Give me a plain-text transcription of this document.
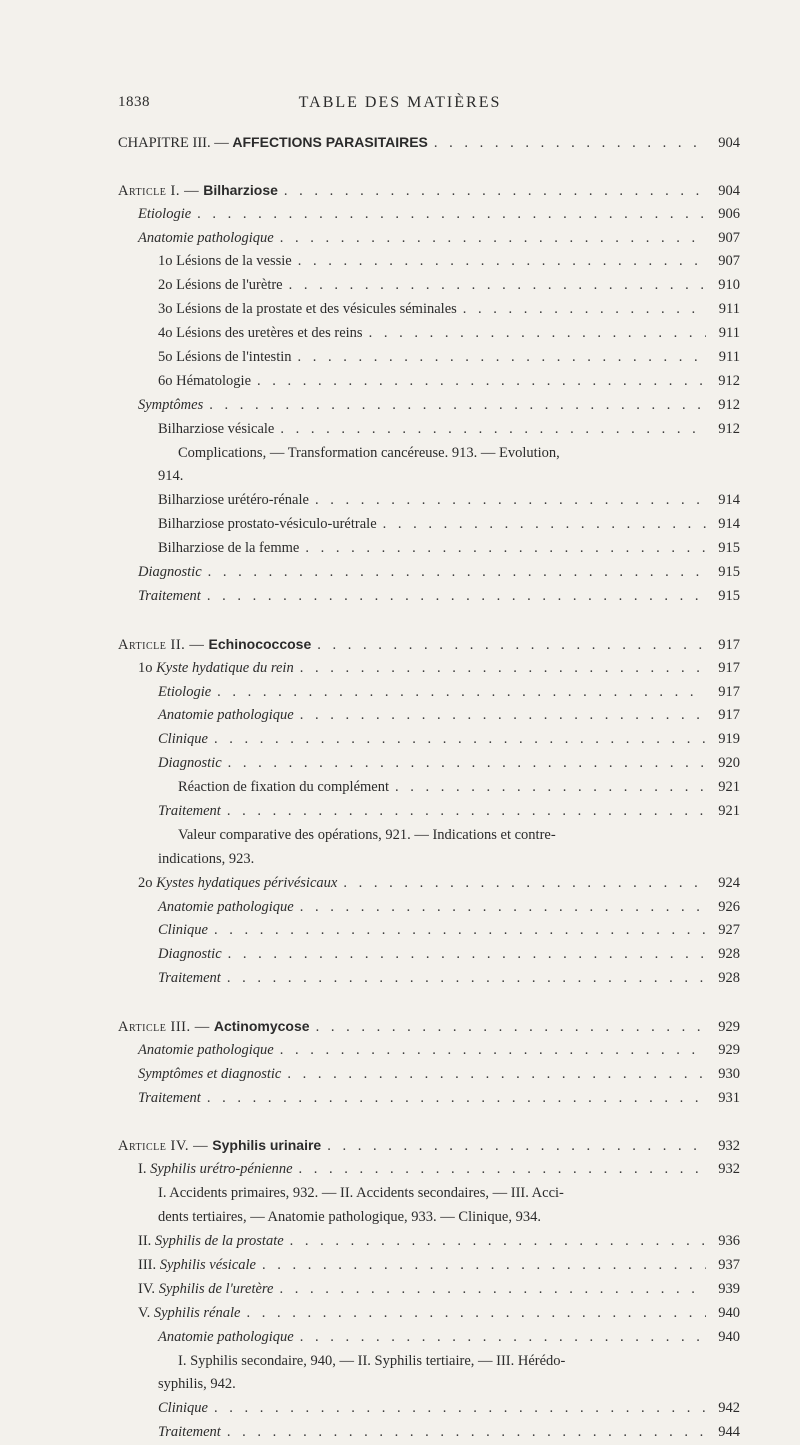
1838	TABLE DES MATIÈRES
CHAPITRE III. — AFFECTIONS PARASITAIRES . . .	904
Article I. — Bilharziose . . .	904
Etiologie . . .	906
Anatomie pathologique . . .	907
1o Lésions de la vessie . . .	907
2o Lésions de l'urètre . . .	910
3o Lésions de la prostate et des vésicules séminales . . .	911
4o Lésions des uretères et des reins . . .	911
5o Lésions de l'intestin . . .	911
6o Hématologie . . .	912
Symptômes . . .	912
Bilharziose vésicale . . .	912
Complications, — Transformation cancéreuse. 913. — Evolution,
914.
Bilharziose urétéro-rénale . . .	914
Bilharziose prostato-vésiculo-urétrale . . .	914
Bilharziose de la femme . . .	915
Diagnostic . . .	915
Traitement . . .	915
Article II. — Echinococcose . . .	917
1o Kyste hydatique du rein . . .	917
Etiologie . . .	917
Anatomie pathologique . . .	917
Clinique . . .	919
Diagnostic . . .	920
Réaction de fixation du complément . . .	921
Traitement . . .	921
Valeur comparative des opérations, 921. — Indications et contre-
indications, 923.
2o Kystes hydatiques périvésicaux . . .	924
Anatomie pathologique . . .	926
Clinique . . .	927
Diagnostic . . .	928
Traitement . . .	928
Article III. — Actinomycose . . .	929
Anatomie pathologique . . .	929
Symptômes et diagnostic . . .	930
Traitement . . .	931
Article IV. — Syphilis urinaire . . .	932
I. Syphilis urétro-pénienne . . .	932
I. Accidents primaires, 932. — II. Accidents secondaires, — III. Acci-
dents tertiaires, — Anatomie pathologique, 933. — Clinique, 934.
II. Syphilis de la prostate . . .	936
III. Syphilis vésicale . . .	937
IV. Syphilis de l'uretère . . .	939
V. Syphilis rénale . . .	940
Anatomie pathologique . . .	940
I. Syphilis secondaire, 940, — II. Syphilis tertiaire, — III. Hérédo-
syphilis, 942.
Clinique . . .	942
Traitement . . .	944
